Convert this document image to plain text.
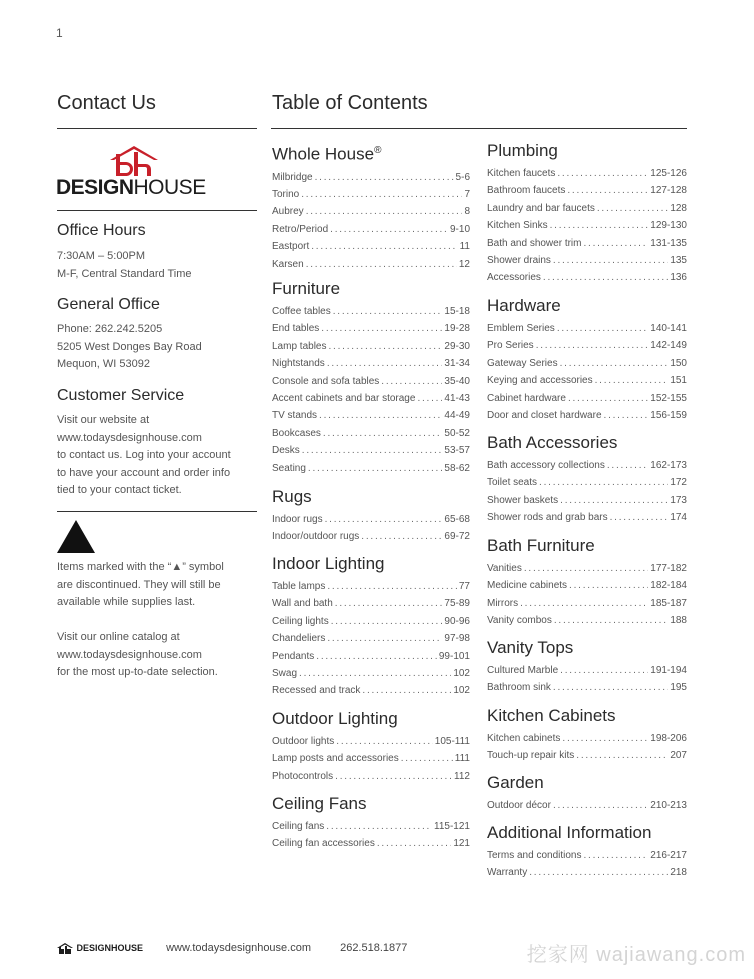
1
Contact Us	Table of Contents
DESIGNHOUSE
Office Hours

7:30AM – 5:00PM
M-F, Central Standard Time

General Office

Phone: 262.242.5205
5205 West Donges Bay Road
Mequon, WI 53092

Customer Service

Visit our website at
www.todaysdesignhouse.com
to contact us. Log into your account
to have your account and order info
tied to your contact ticket.

Items marked with the “▲” symbol
are discontinued. They will still be
available while supplies last.

Visit our online catalog at
www.todaysdesignhouse.com
for the most up-to-date selection.

Whole House®
Milbridge . . .	5-6
Torino . . .	7
Aubrey . . .	8
Retro/Period . . .	9-10
Eastport . . .	11
Karsen . . .	12
Furniture
Coffee tables . . .	15-18
End tables . . .	19-28
Lamp tables . . .	29-30
Nightstands . . .	31-34
Console and sofa tables . . .	35-40
Accent cabinets and bar storage . . .	41-43
TV stands . . .	44-49
Bookcases . . .	50-52
Desks . . .	53-57
Seating . . .	58-62
Rugs
Indoor rugs . . .	65-68
Indoor/outdoor rugs . . .	69-72
Indoor Lighting
Table lamps . . .	77
Wall and bath . . .	75-89
Ceiling lights . . .	90-96
Chandeliers . . .	97-98
Pendants . . .	99-101
Swag . . .	102
Recessed and track . . .	102
Outdoor Lighting
Outdoor lights . . .	105-111
Lamp posts and accessories . . .	111
Photocontrols . . .	112
Ceiling Fans
Ceiling fans . . .	115-121
Ceiling fan accessories . . .	121
Plumbing
Kitchen faucets . . .	125-126
Bathroom faucets . . .	127-128
Laundry and bar faucets . . .	128
Kitchen Sinks . . .	129-130
Bath and shower trim . . .	131-135
Shower drains . . .	135
Accessories . . .	136
Hardware
Emblem Series . . .	140-141
Pro Series . . .	142-149
Gateway Series . . .	150
Keying and accessories . . .	151
Cabinet hardware . . .	152-155
Door and closet hardware . . .	156-159
Bath Accessories
Bath accessory collections . . .	162-173
Toilet seats . . .	172
Shower baskets . . .	173
Shower rods and grab bars . . .	174
Bath Furniture
Vanities . . .	177-182
Medicine cabinets . . .	182-184
Mirrors . . .	185-187
Vanity combos . . .	188
Vanity Tops
Cultured Marble . . .	191-194
Bathroom sink . . .	195
Kitchen Cabinets
Kitchen cabinets . . .	198-206
Touch-up repair kits . . .	207
Garden
Outdoor décor . . .	210-213
Additional Information
Terms and conditions . . .	216-217
Warranty . . .	218
DESIGNHOUSE www.todaysdesignhouse.com	262.518.1877	挖家网 wajiawang.com
